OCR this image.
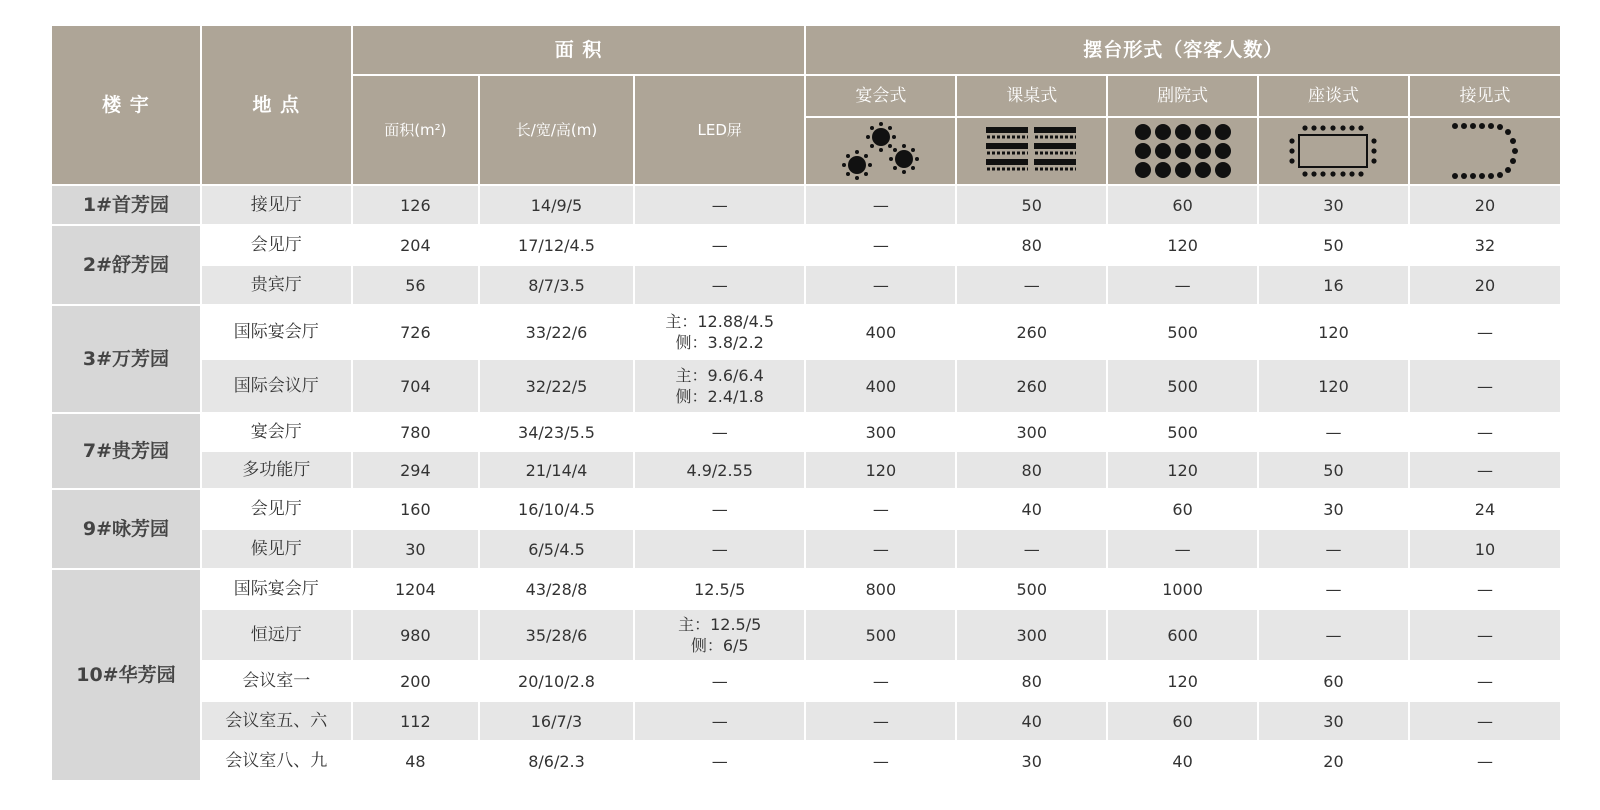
楼 宇	地 点	面 积			摆台形式（容客人数）				
		面积(m²)	长/宽/高(m)	LED屏	宴会式	课桌式	剧院式	座谈式	接见式

1#首芳园	接见厅	126	14/9/5	—	—	50	60	30	20
2#舒芳园	会见厅	204	17/12/4.5	—	—	80	120	50	32
	贵宾厅	56	8/7/3.5	—	—	—	—	16	20
3#万芳园	国际宴会厅	726	33/22/6	主：12.88/4.5
侧：3.8/2.2	400	260	500	120	—
	国际会议厅	704	32/22/5	主：9.6/6.4
侧：2.4/1.8	400	260	500	120	—
7#贵芳园	宴会厅	780	34/23/5.5	—	300	300	500	—	—
	多功能厅	294	21/14/4	4.9/2.55	120	80	120	50	—
9#咏芳园	会见厅	160	16/10/4.5	—	—	40	60	30	24
	候见厅	30	6/5/4.5	—	—	—	—	—	10
10#华芳园	国际宴会厅	1204	43/28/8	12.5/5	800	500	1000	—	—
	恒远厅	980	35/28/6	主：12.5/5
侧：6/5	500	300	600	—	—
	会议室一	200	20/10/2.8	—	—	80	120	60	—
	会议室五、六	112	16/7/3	—	—	40	60	30	—
	会议室八、九	48	8/6/2.3	—	—	30	40	20	—
